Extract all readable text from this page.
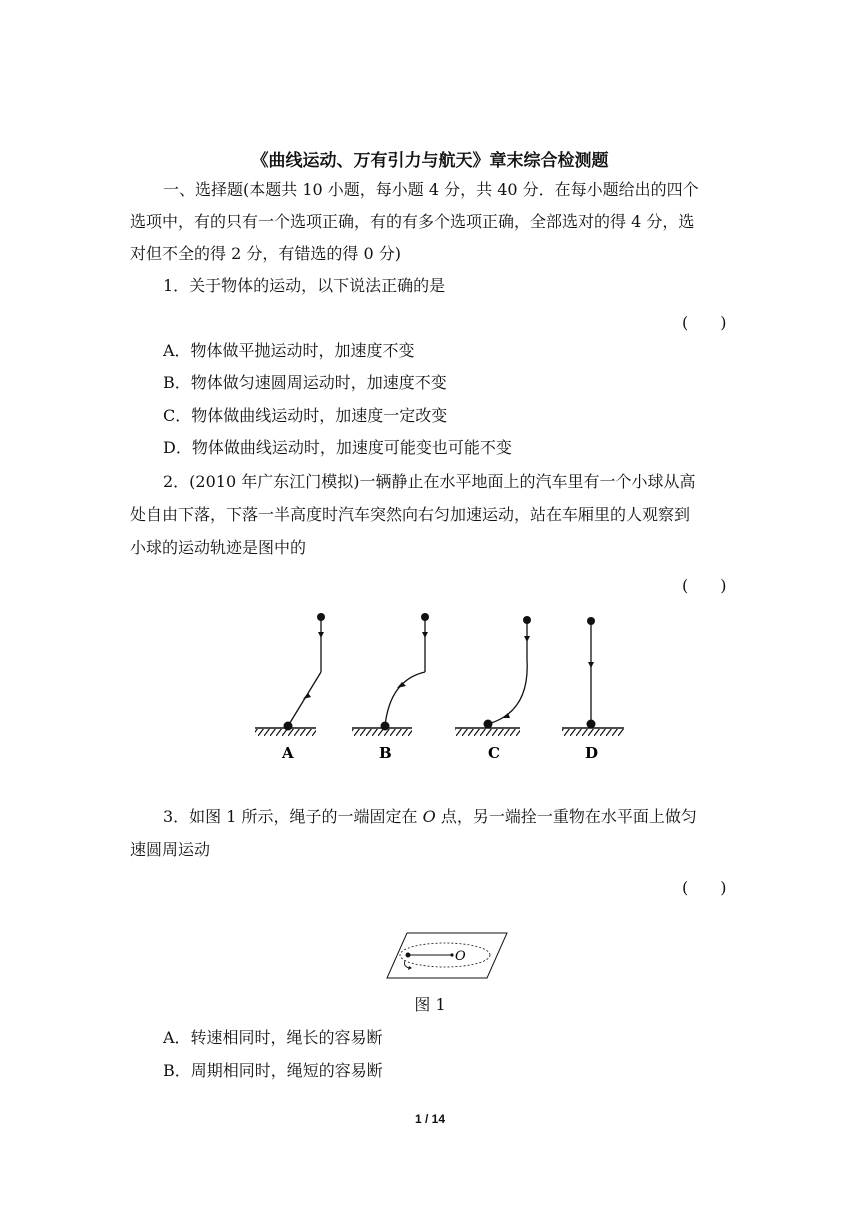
《曲线运动、万有引力与航天》章末综合检测题
一、选择题(本题共 10 小题，每小题 4 分，共 40 分．在每小题给出的四个
选项中，有的只有一个选项正确，有的有多个选项正确，全部选对的得 4 分，选
对但不全的得 2 分，有错选的得 0 分)
1．关于物体的运动，以下说法正确的是
(　　)
A．物体做平抛运动时，加速度不变
B．物体做匀速圆周运动时，加速度不变
C．物体做曲线运动时，加速度一定改变
D．物体做曲线运动时，加速度可能变也可能不变
2．(2010 年广东江门模拟)一辆静止在水平地面上的汽车里有一个小球从高
处自由下落，下落一半高度时汽车突然向右匀加速运动，站在车厢里的人观察到
小球的运动轨迹是图中的
(　　)
A	B	C	D
3．如图 1 所示，绳子的一端固定在 O 点，另一端拴一重物在水平面上做匀
速圆周运动
(　　)
O
图 1
A．转速相同时，绳长的容易断
B．周期相同时，绳短的容易断
1 / 14
